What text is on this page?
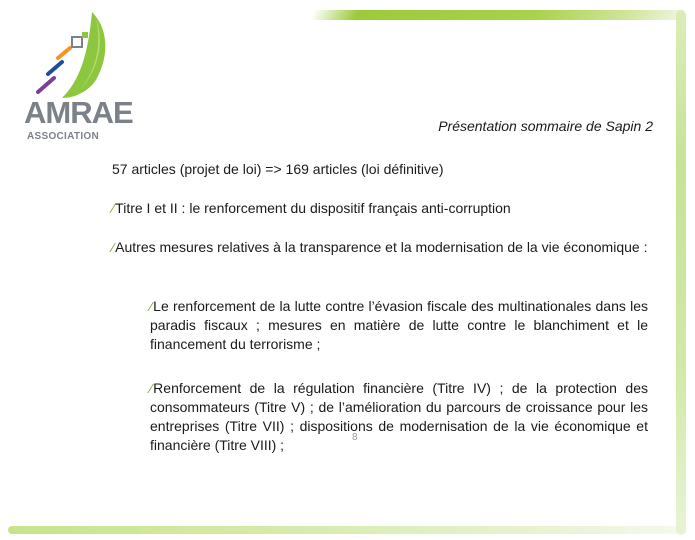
AMRAE
ASSOCIATION
Présentation sommaire de Sapin 2
57 articles (projet de loi) => 169 articles (loi définitive)
⁄Titre I et II : le renforcement du dispositif français anti-corruption
⁄Autres mesures relatives à la transparence et la modernisation de la vie économique :
⁄Le renforcement de la lutte contre l’évasion fiscale des multinationales dans les paradis fiscaux ; mesures en matière de lutte contre le blanchiment et le financement du terrorisme ;
⁄Renforcement de la régulation financière (Titre IV) ; de la protection des consommateurs (Titre V) ; de l’amélioration du parcours de croissance pour les entreprises (Titre VII) ; dispositions de modernisation de la vie économique et financière (Titre VIII) ;	8
